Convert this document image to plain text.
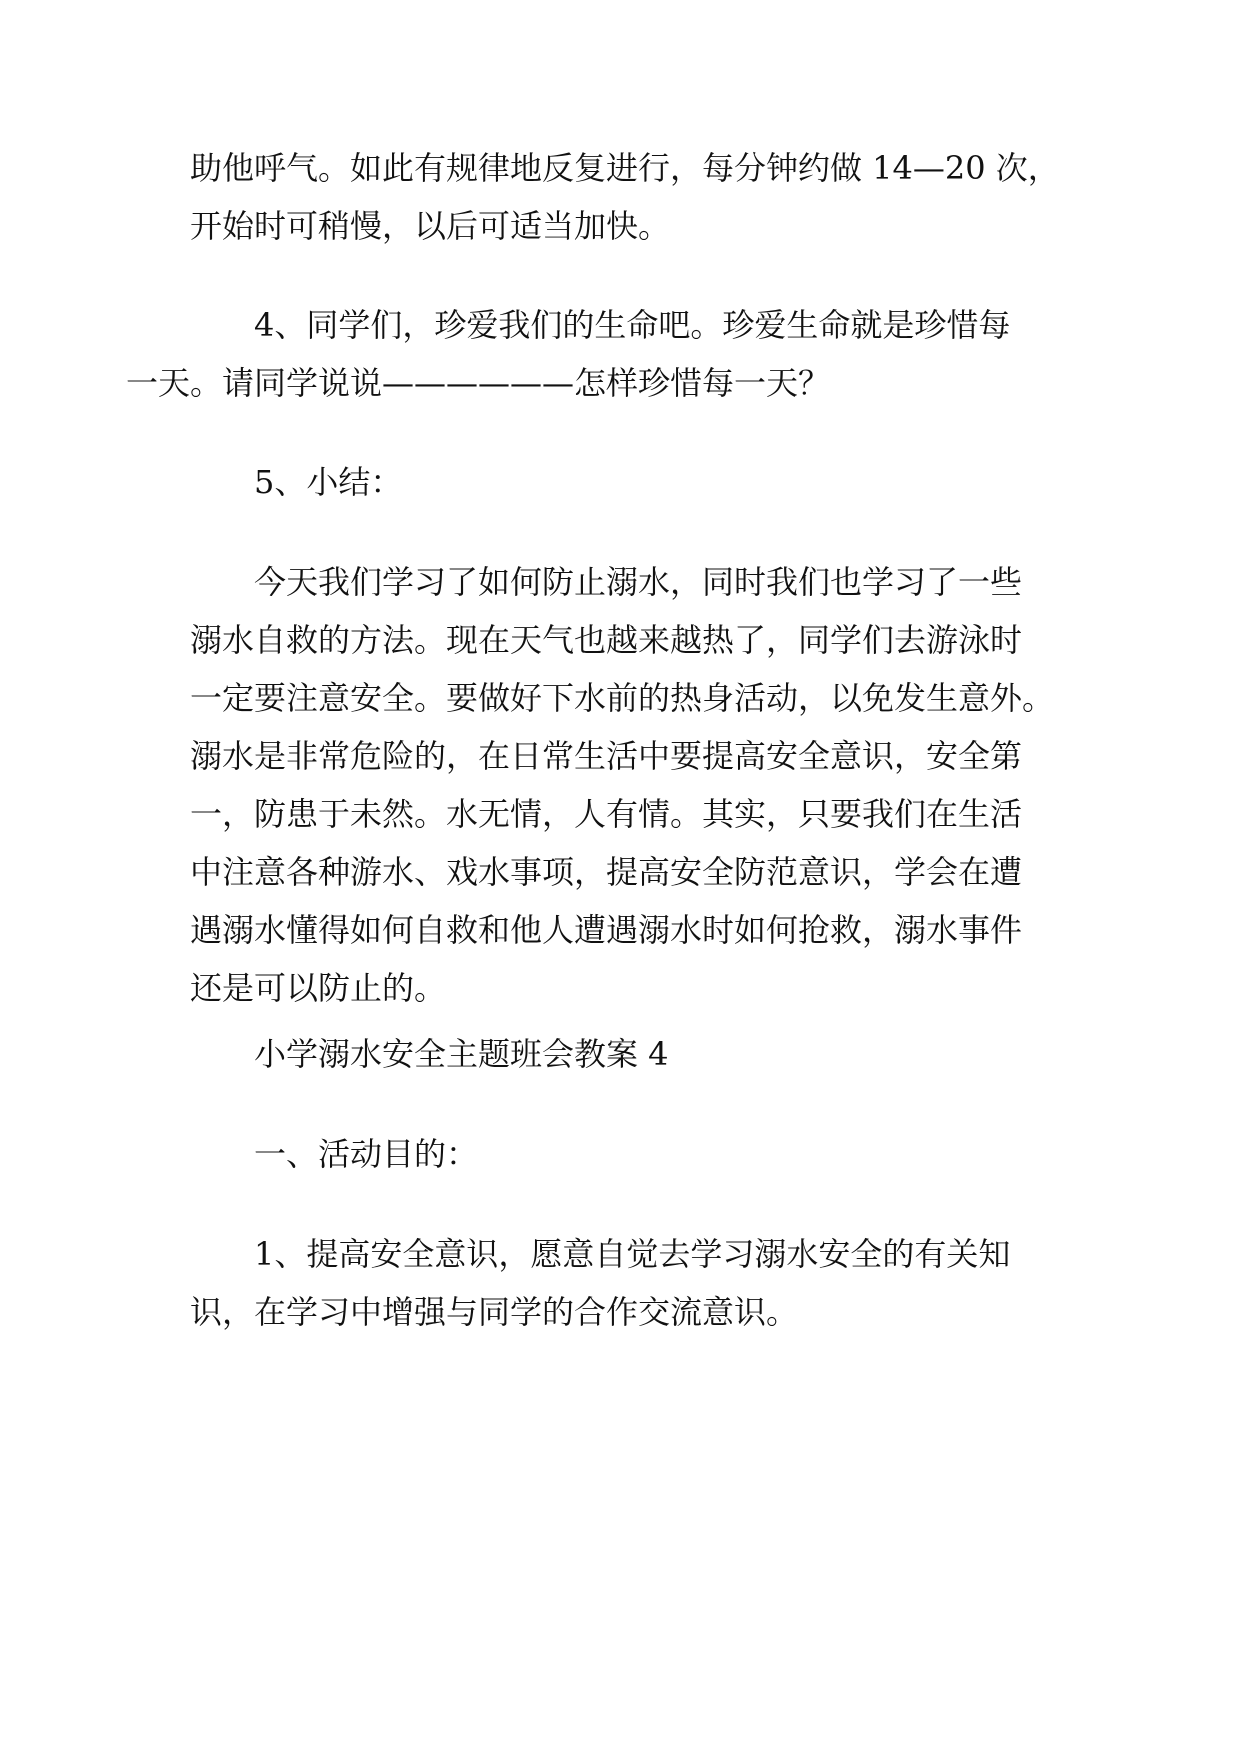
助他呼气。如此有规律地反复进行，每分钟约做 14—20 次，
开始时可稍慢，以后可适当加快。
4、同学们，珍爱我们的生命吧。珍爱生命就是珍惜每
一天。请同学说说——————怎样珍惜每一天？
5、小结：
今天我们学习了如何防止溺水，同时我们也学习了一些
溺水自救的方法。现在天气也越来越热了，同学们去游泳时
一定要注意安全。要做好下水前的热身活动，以免发生意外。
溺水是非常危险的，在日常生活中要提高安全意识，安全第
一，防患于未然。水无情，人有情。其实，只要我们在生活
中注意各种游水、戏水事项，提高安全防范意识，学会在遭
遇溺水懂得如何自救和他人遭遇溺水时如何抢救，溺水事件
还是可以防止的。
小学溺水安全主题班会教案 4
一、活动目的：
1、提高安全意识，愿意自觉去学习溺水安全的有关知
识，在学习中增强与同学的合作交流意识。
